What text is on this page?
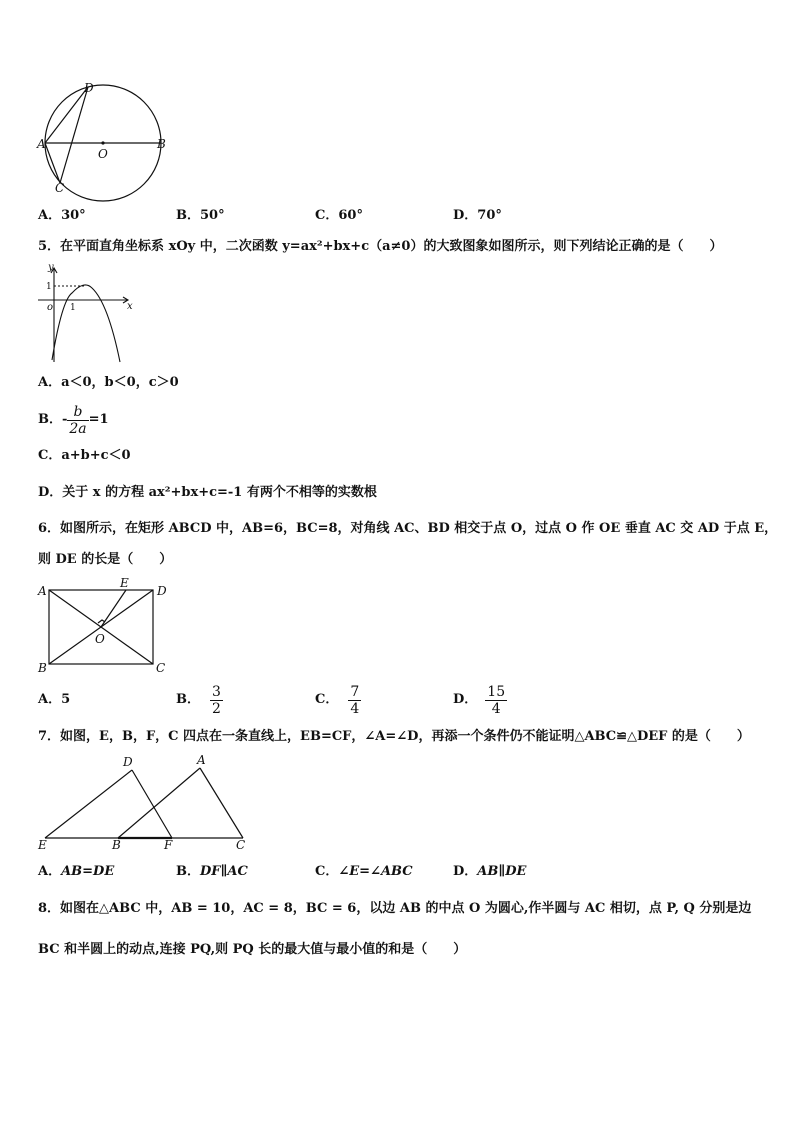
D
A	B
O
C
A．30°	B．50°	C．60°	D．70°
5．在平面直角坐标系 xOy 中，二次函数 y=ax²+bx+c（a≠0）的大致图象如图所示，则下列结论正确的是（　　）
y
x
o 1
1
A．a＜0，b＜0，c＞0
B．- $\frac{b}{2a} =1$
C．a+b+c＜0
D．关于 x 的方程 ax²+bx+c=-1 有两个不相等的实数根
6．如图所示，在矩形 ABCD 中，AB=6，BC=8，对角线 AC、BD 相交于点 O，过点 O 作 OE 垂直 AC 交 AD 于点 E，
则 DE 的长是（　　）
A
E
D
O
B	C
A．5	B． $\frac{3}{2}$	C． $\frac{7}{4}$	D． $\frac{15}{4}$
7．如图，E，B，F，C 四点在一条直线上，EB=CF，∠A=∠D，再添一个条件仍不能证明△ABC≌△DEF 的是（　　）
D	A
E	B	F	C
A．AB=DE	B．DF∥AC	C．∠E=∠ABC	D．AB∥DE
8．如图在△ABC 中，AB = 10，AC = 8，BC = 6，以边 AB 的中点 O 为圆心,作半圆与 AC 相切，点 P, Q 分别是边
BC 和半圆上的动点,连接 PQ,则 PQ 长的最大值与最小值的和是（　　）
